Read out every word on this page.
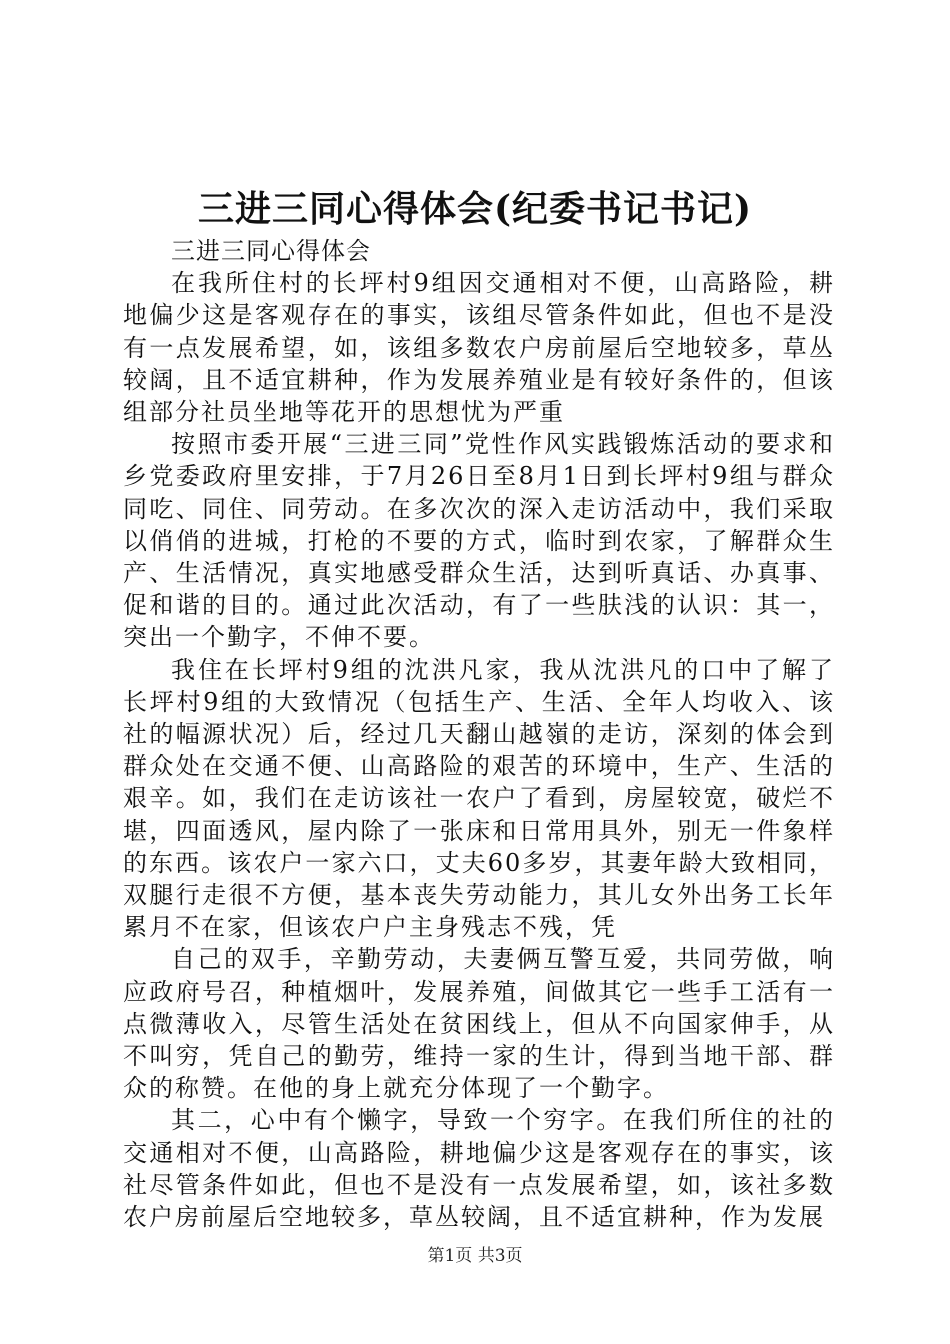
三进三同心得体会(纪委书记书记)

三进三同心得体会

在我所住村的长坪村9组因交通相对不便，山高路险，耕地偏少这是客观存在的事实，该组尽管条件如此，但也不是没有一点发展希望，如，该组多数农户房前屋后空地较多，草丛较阔，且不适宜耕种，作为发展养殖业是有较好条件的，但该组部分社员坐地等花开的思想忧为严重

按照市委开展“三进三同”党性作风实践锻炼活动的要求和乡党委政府里安排，于7月26日至8月1日到长坪村9组与群众同吃、同住、同劳动。在多次次的深入走访活动中，我们采取以俏俏的进城，打枪的不要的方式，临时到农家，了解群众生产、生活情况，真实地感受群众生活，达到听真话、办真事、促和谐的目的。通过此次活动，有了一些肤浅的认识：其一，突出一个勤字，不伸不要。

我住在长坪村9组的沈洪凡家，我从沈洪凡的口中了解了长坪村9组的大致情况（包括生产、生活、全年人均收入、该社的幅源状况）后，经过几天翻山越嶺的走访，深刻的体会到群众处在交通不便、山高路险的艰苦的环境中，生产、生活的艰辛。如，我们在走访该社一农户了看到，房屋较宽，破烂不堪，四面透风，屋内除了一张床和日常用具外，别无一件象样的东西。该农户一家六口，丈夫60多岁，其妻年龄大致相同，双腿行走很不方便，基本丧失劳动能力，其儿女外出务工长年累月不在家，但该农户户主身残志不残，凭

自己的双手，辛勤劳动，夫妻俩互警互爱，共同劳做，响应政府号召，种植烟叶，发展养殖，间做其它一些手工活有一点微薄收入，尽管生活处在贫困线上，但从不向国家伸手，从不叫穷，凭自己的勤劳，维持一家的生计，得到当地干部、群众的称赞。在他的身上就充分体现了一个勤字。

其二，心中有个懒字，导致一个穷字。在我们所住的社的交通相对不便，山高路险，耕地偏少这是客观存在的事实，该社尽管条件如此，但也不是没有一点发展希望，如，该社多数农户房前屋后空地较多，草丛较阔，且不适宜耕种，作为发展

第1页 共3页
